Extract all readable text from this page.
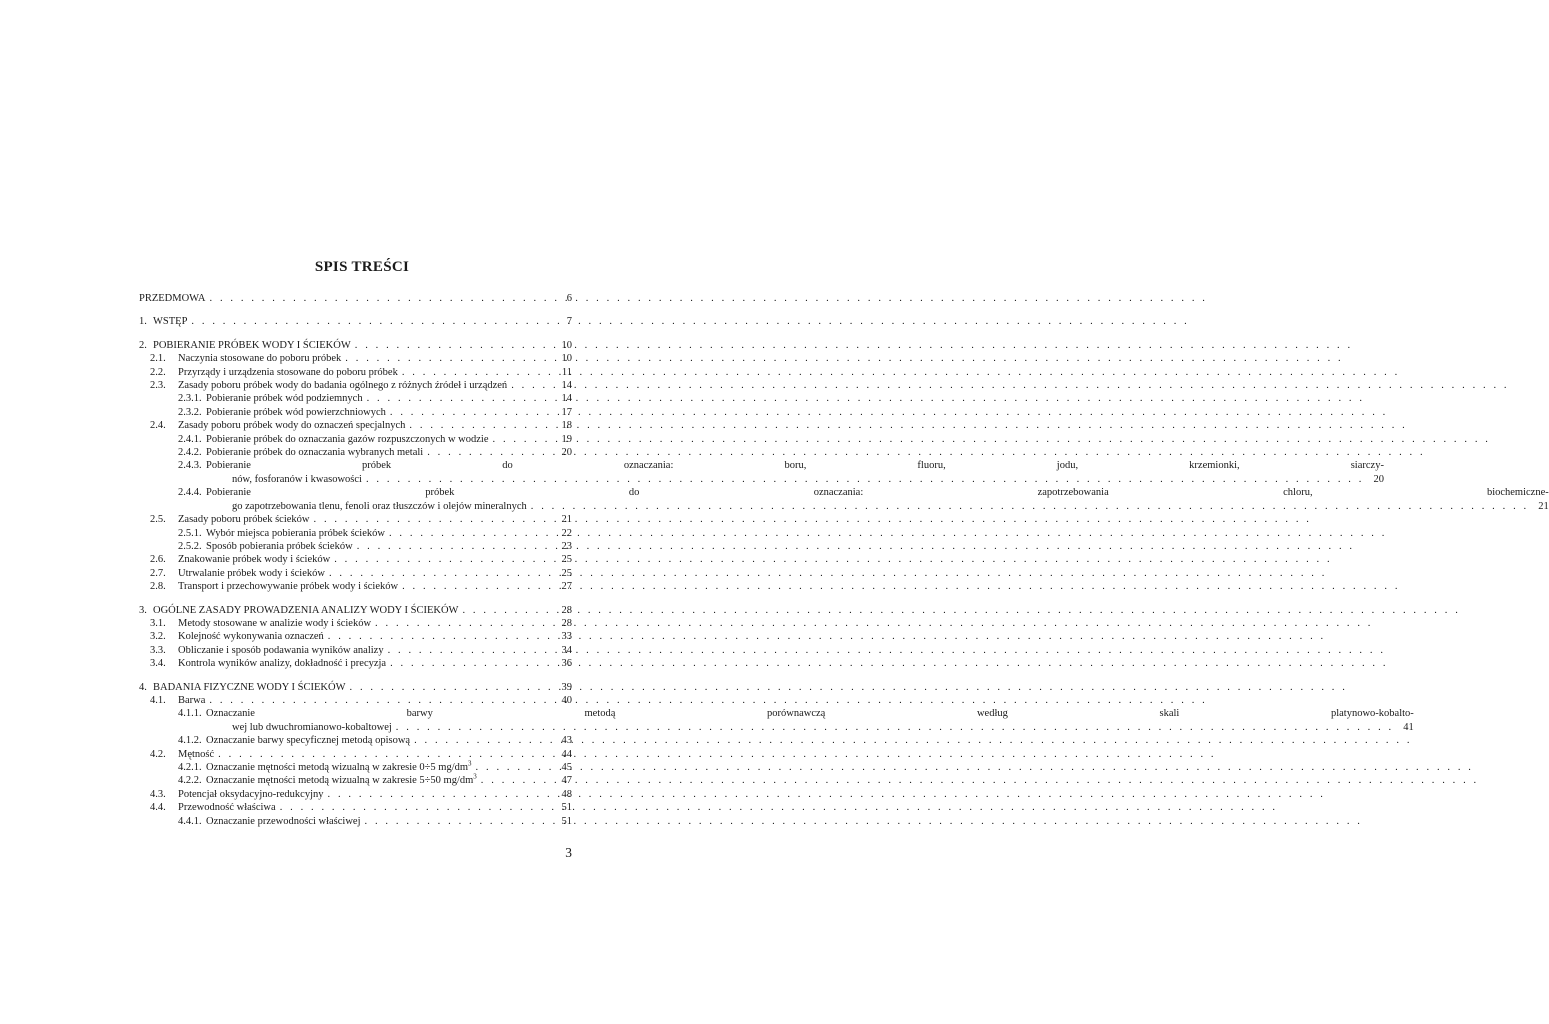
SPIS TREŚCI
PRZEDMOWA . . .	6
1. WSTĘP . . .	7
2. POBIERANIE PRÓBEK WODY I ŚCIEKÓW . . .	10
2.1.	Naczynia stosowane do poboru próbek . . .	10
2.2.	Przyrządy i urządzenia stosowane do poboru próbek . . .	11
2.3.	Zasady poboru próbek wody do badania ogólnego z różnych źródeł i urządzeń . . .	14
2.3.1. Pobieranie próbek wód podziemnych . . .	14
2.3.2. Pobieranie próbek wód powierzchniowych . . .	17
2.4.	Zasady poboru próbek wody do oznaczeń specjalnych . . .	18
2.4.1. Pobieranie próbek do oznaczania gazów rozpuszczonych w wodzie . . .	19
2.4.2. Pobieranie próbek do oznaczania wybranych metali . . .	20
2.4.3. Pobieranie próbek do oznaczania: boru, fluoru, jodu, krzemionki, siarczy-
nów, fosforanów i kwasowości . . .	20
2.4.4. Pobieranie próbek do oznaczania: zapotrzebowania chloru, biochemiczne-
go zapotrzebowania tlenu, fenoli oraz tłuszczów i olejów mineralnych . . .	21
2.5.	Zasady poboru próbek ścieków . . .	21
2.5.1. Wybór miejsca pobierania próbek ścieków . . .	22
2.5.2. Sposób pobierania próbek ścieków . . .	23
2.6.	Znakowanie próbek wody i ścieków . . .	25
2.7.	Utrwalanie próbek wody i ścieków . . .	25
2.8.	Transport i przechowywanie próbek wody i ścieków . . .	27
3. OGÓLNE ZASADY PROWADZENIA ANALIZY WODY I ŚCIEKÓW . . .	28
3.1.	Metody stosowane w analizie wody i ścieków . . .	28
3.2.	Kolejność wykonywania oznaczeń . . .	33
3.3.	Obliczanie i sposób podawania wyników analizy . . .	34
3.4.	Kontrola wyników analizy, dokładność i precyzja . . .	36
4. BADANIA FIZYCZNE WODY I ŚCIEKÓW . . .	39
4.1.	Barwa . . .	40
4.1.1. Oznaczanie barwy metodą porównawczą według skali platynowo-kobalto-
wej lub dwuchromianowo-kobaltowej . . .	41
4.1.2. Oznaczanie barwy specyficznej metodą opisową . . .	43
4.2.	Mętność . . .	44
4.2.1. Oznaczanie mętności metodą wizualną w zakresie 0÷5 $mg/dm^3$ . . .	45
4.2.2. Oznaczanie mętności metodą wizualną w zakresie 5÷50 $mg/dm^3$ . . .	47
4.3.	Potencjał oksydacyjno-redukcyjny . . .	48
4.4.	Przewodność właściwa . . .	51
4.4.1. Oznaczanie przewodności właściwej . . .	51
3
